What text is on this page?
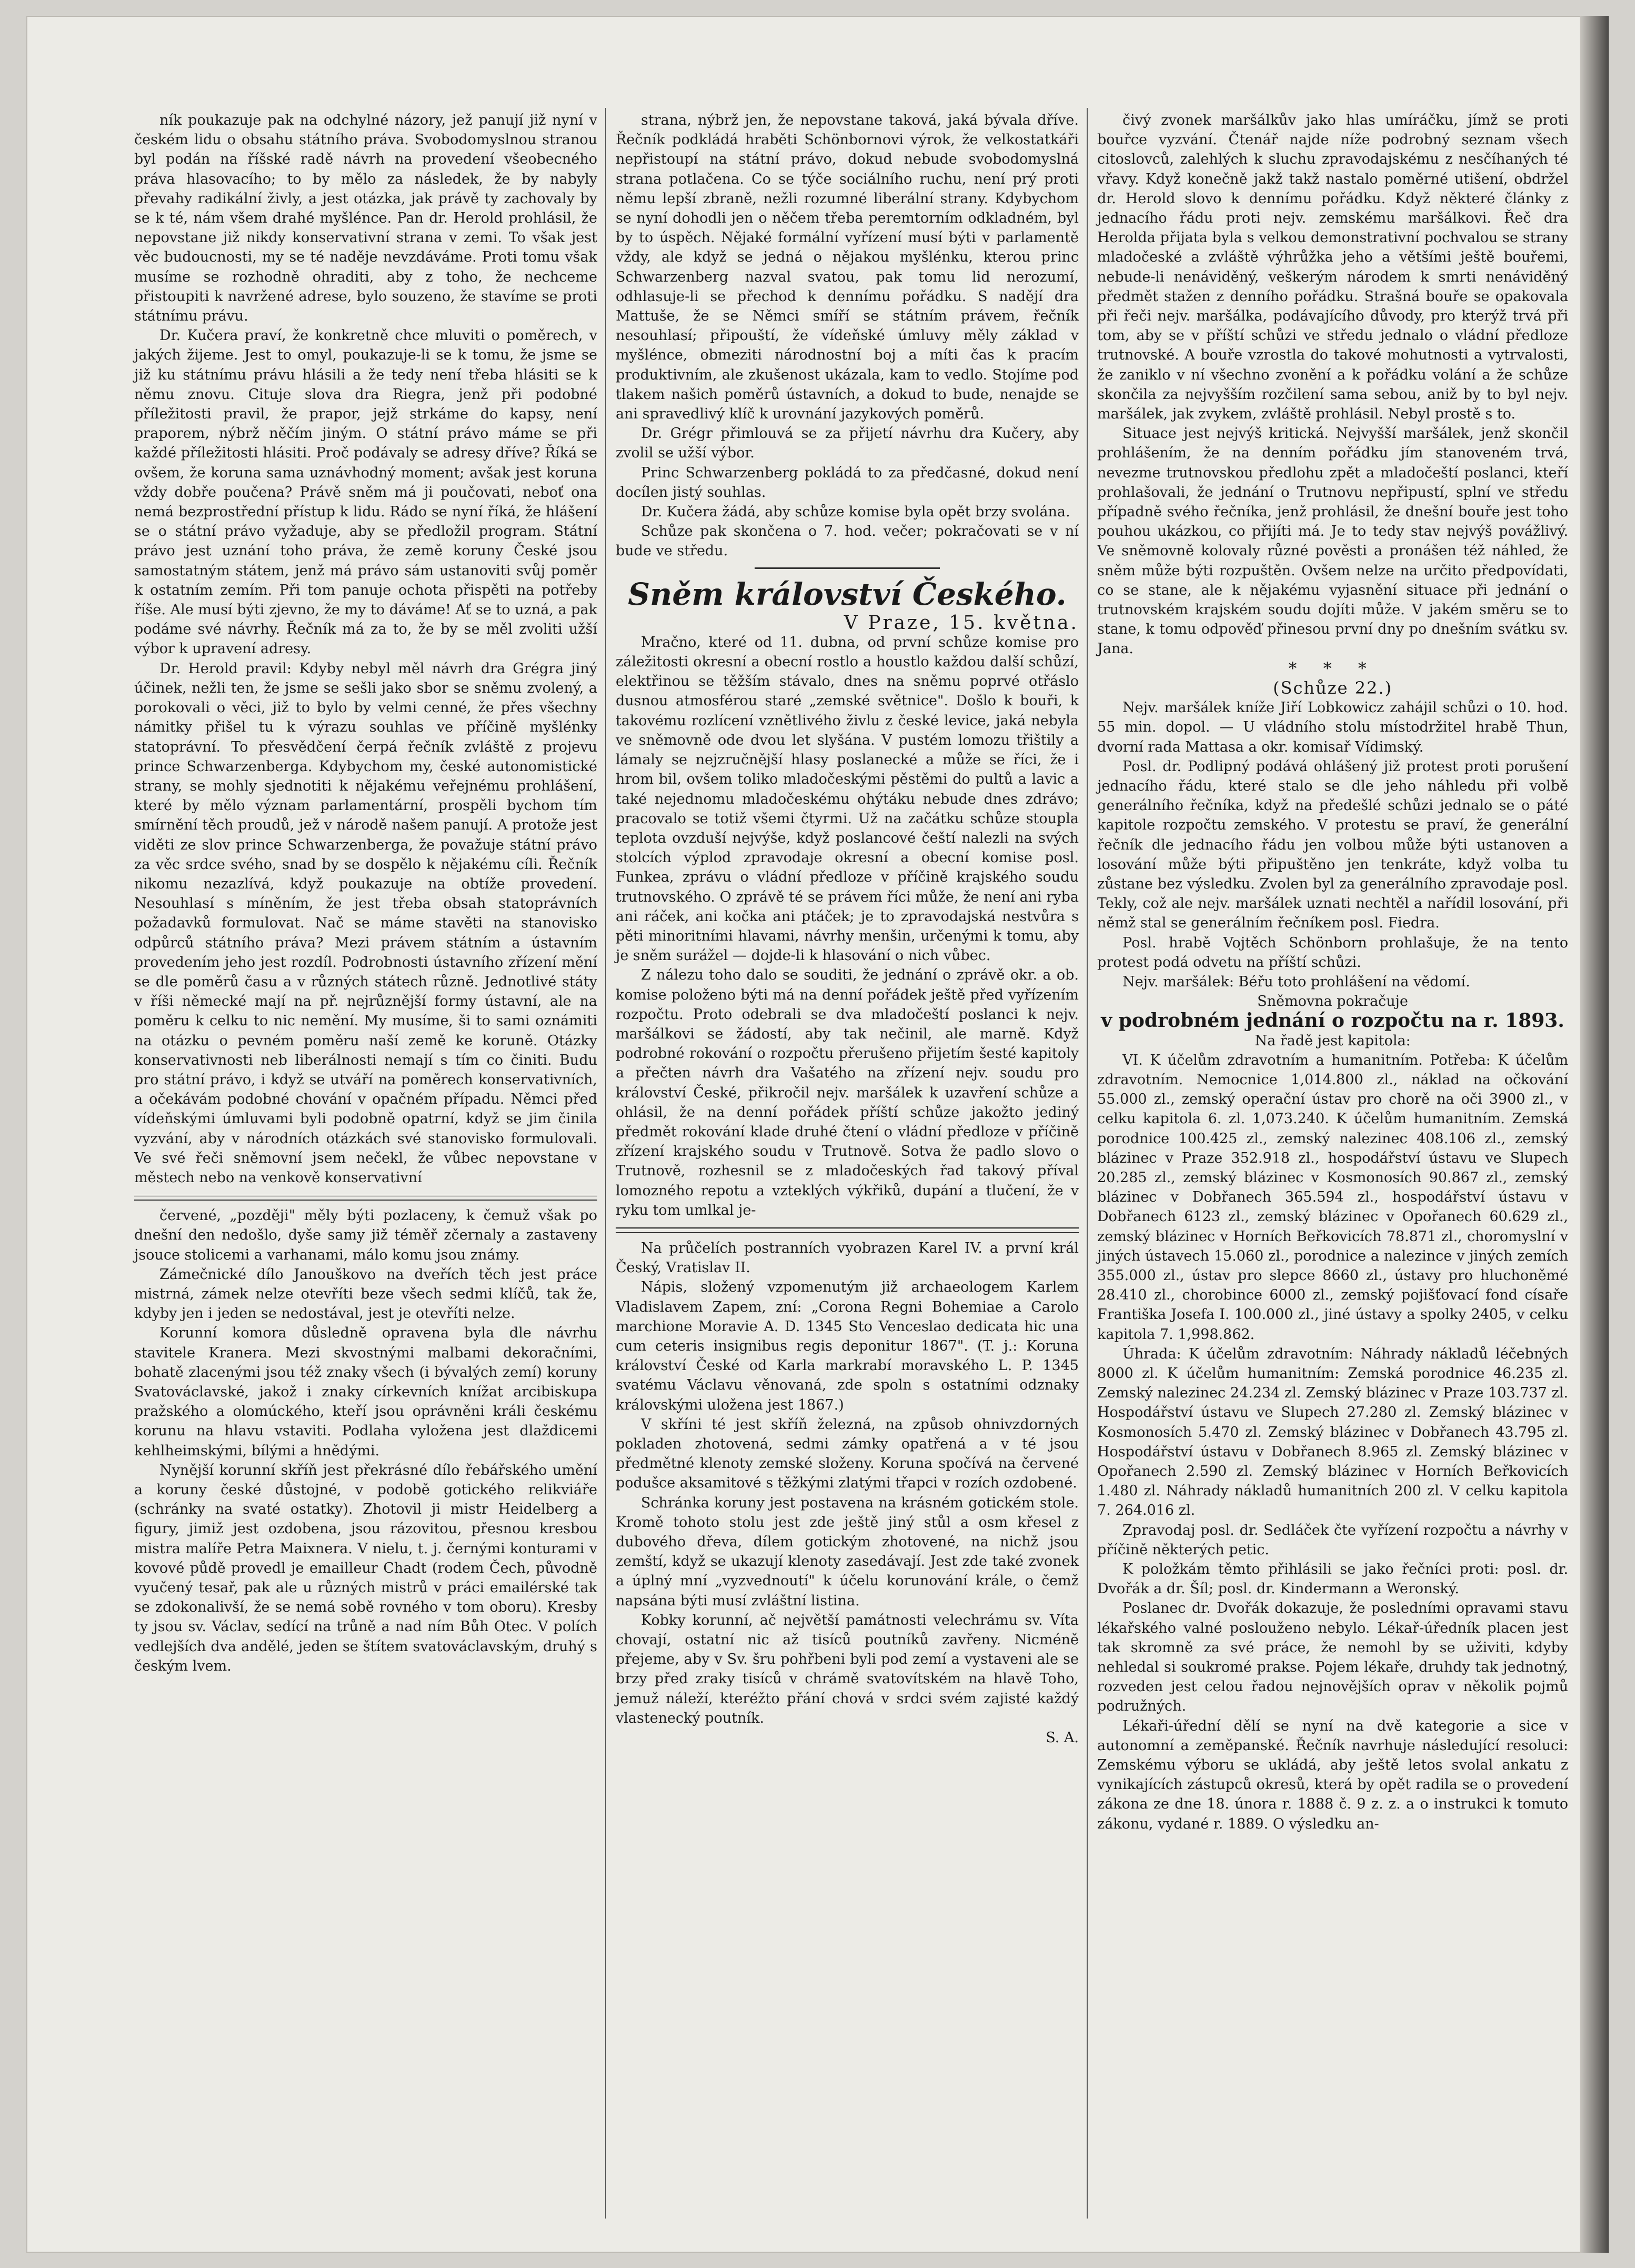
ník poukazuje pak na odchylné názory, jež panují již nyní v českém lidu o obsahu státního práva. Svobodomyslnou stranou byl podán na říšské radě návrh na provedení všeobecného práva hlasovacího; to by mělo za následek, že by nabyly převahy radikální živly, a jest otázka, jak právě ty zachovaly by se k té, nám všem drahé myšlénce. Pan dr. Herold prohlásil, že nepovstane již nikdy konservativní strana v zemi. To však jest věc budoucnosti, my se té naděje nevzdáváme. Proti tomu však musíme se rozhodně ohraditi, aby z toho, že nechceme přistoupiti k navržené adrese, bylo souzeno, že stavíme se proti státnímu právu.

Dr. Kučera praví, že konkretně chce mluviti o poměrech, v jakých žijeme. Jest to omyl, poukazuje-li se k tomu, že jsme se již ku státnímu právu hlásili a že tedy není třeba hlásiti se k němu znovu. Cituje slova dra Riegra, jenž při podobné příležitosti pravil, že prapor, jejž strkáme do kapsy, není praporem, nýbrž něčím jiným. O státní právo máme se při každé příležitosti hlásiti. Proč podávaly se adresy dříve? Říká se ovšem, že koruna sama uznávhodný moment; avšak jest koruna vždy dobře poučena? Právě sněm má ji poučovati, neboť ona nemá bezprostřední přístup k lidu. Rádo se nyní říká, že hlášení se o státní právo vyžaduje, aby se předložil program. Státní právo jest uznání toho práva, že země koruny České jsou samostatným státem, jenž má právo sám ustanoviti svůj poměr k ostatním zemím. Při tom panuje ochota přispěti na potřeby říše. Ale musí býti zjevno, že my to dáváme! Ať se to uzná, a pak podáme své návrhy. Řečník má za to, že by se měl zvoliti užší výbor k upravení adresy.

Dr. Herold pravil: Kdyby nebyl měl návrh dra Grégra jiný účinek, nežli ten, že jsme se sešli jako sbor se sněmu zvolený, a porokovali o věci, již to bylo by velmi cenné, že přes všechny námitky přišel tu k výrazu souhlas ve příčině myšlénky statoprávní. To přesvědčení čerpá řečník zvláště z projevu prince Schwarzenberga. Kdybychom my, české autonomistické strany, se mohly sjednotiti k nějakému veřejnému prohlášení, které by mělo význam parlamentární, prospěli bychom tím smírnění těch proudů, jež v národě našem panují. A protože jest viděti ze slov prince Schwarzenberga, že považuje státní právo za věc srdce svého, snad by se dospělo k nějakému cíli. Řečník nikomu nezazlívá, když poukazuje na obtíže provedení. Nesouhlasí s míněním, že jest třeba obsah statoprávních požadavků formulovat. Nač se máme stavěti na stanovisko odpůrců státního práva? Mezi právem státním a ústavním provedením jeho jest rozdíl. Podrobnosti ústavního zřízení mění se dle poměrů času a v různých státech různě. Jednotlivé státy v říši německé mají na př. nejrůznější formy ústavní, ale na poměru k celku to nic nemění. My musíme, ši to sami oznámiti na otázku o pevném poměru naší země ke koruně. Otázky konservativnosti neb liberálnosti nemají s tím co činiti. Budu pro státní právo, i když se utváří na poměrech konservativních, a očekávám podobné chování v opačném případu. Němci před vídeňskými úmluvami byli podobně opatrní, když se jim činila vyzvání, aby v národních otázkách své stanovisko formulovali. Ve své řeči sněmovní jsem nečekl, že vůbec nepovstane v městech nebo na venkově konservativní

červené, „později" měly býti pozlaceny, k čemuž však po dnešní den nedošlo, dyše samy již téměř zčernaly a zastaveny jsouce stolicemi a varhanami, málo komu jsou známy.

Zámečnické dílo Janouškovo na dveřích těch jest práce mistrná, zámek nelze otevříti beze všech sedmi klíčů, tak že, kdyby jen i jeden se nedostával, jest je otevříti nelze.

Korunní komora důsledně opravena byla dle návrhu stavitele Kranera. Mezi skvostnými malbami dekoračními, bohatě zlacenými jsou též znaky všech (i bývalých zemí) koruny Svatováclavské, jakož i znaky církevních knížat arcibiskupa pražského a olomúckého, kteří jsou oprávněni králi českému korunu na hlavu vstaviti. Podlaha vyložena jest dlaždicemi kehlheimskými, bílými a hnědými.

Nynější korunní skříň jest překrásné dílo řebářského umění a koruny české důstojné, v podobě gotického relikviáře (schránky na svaté ostatky). Zhotovil ji mistr Heidelberg a figury, jimiž jest ozdobena, jsou rázovitou, přesnou kresbou mistra malíře Petra Maixnera. V nielu, t. j. černými konturami v kovové půdě provedl je emailleur Chadt (rodem Čech, původně vyučený tesař, pak ale u různých mistrů v práci emailérské tak se zdokonalivší, že se nemá sobě rovného v tom oboru). Kresby ty jsou sv. Václav, sedící na trůně a nad ním Bůh Otec. V polích vedlejších dva andělé, jeden se štítem svatováclavským, druhý s českým lvem.

strana, nýbrž jen, že nepovstane taková, jaká bývala dříve. Řečník podkládá hraběti Schönbornovi výrok, že velkostatkáři nepřistoupí na státní právo, dokud nebude svobodomyslná strana potlačena. Co se týče sociálního ruchu, není prý proti němu lepší zbraně, nežli rozumné liberální strany. Kdybychom se nyní dohodli jen o něčem třeba peremtorním odkladném, byl by to úspěch. Nějaké formální vyřízení musí býti v parlamentě vždy, ale když se jedná o nějakou myšlénku, kterou princ Schwarzenberg nazval svatou, pak tomu lid nerozumí, odhlasuje-li se přechod k dennímu pořádku. S nadějí dra Mattuše, že se Němci smíří se státním právem, řečník nesouhlasí; připouští, že vídeňské úmluvy měly základ v myšlénce, obmeziti národnostní boj a míti čas k pracím produktivním, ale zkušenost ukázala, kam to vedlo. Stojíme pod tlakem našich poměrů ústavních, a dokud to bude, nenajde se ani spravedlivý klíč k urovnání jazykových poměrů.

Dr. Grégr přimlouvá se za přijetí návrhu dra Kučery, aby zvolil se užší výbor.

Princ Schwarzenberg pokládá to za předčasné, dokud není docílen jistý souhlas.

Dr. Kučera žádá, aby schůze komise byla opět brzy svolána.

Schůze pak skončena o 7. hod. večer; pokračovati se v ní bude ve středu.

Sněm království Českého.

V Praze, 15. května.

Mračno, které od 11. dubna, od první schůze komise pro záležitosti okresní a obecní rostlo a houstlo každou další schůzí, elektřinou se těžším stávalo, dnes na sněmu poprvé otřáslo dusnou atmosférou staré „zemské světnice". Došlo k bouři, k takovému rozlícení vznětlivého živlu z české levice, jaká nebyla ve sněmovně ode dvou let slyšána. V pustém lomozu třištily a lámaly se nejzručnější hlasy poslanecké a může se říci, že i hrom bil, ovšem toliko mladočeskými pěstěmi do pultů a lavic a také nejednomu mladočeskému ohýtáku nebude dnes zdrávo; pracovalo se totiž všemi čtyrmi. Už na začátku schůze stoupla teplota ovzduší nejvýše, když poslancové čeští nalezli na svých stolcích výplod zpravodaje okresní a obecní komise posl. Funkea, zprávu o vládní předloze v příčině krajského soudu trutnovského. O zprávě té se právem říci může, že není ani ryba ani ráček, ani kočka ani ptáček; je to zpravodajská nestvůra s pěti minoritními hlavami, návrhy menšin, určenými k tomu, aby je sněm surážel — dojde-li k hlasování o nich vůbec.

Z nálezu toho dalo se souditi, že jednání o zprávě okr. a ob. komise položeno býti má na denní pořádek ještě před vyřízením rozpočtu. Proto odebrali se dva mladočeští poslanci k nejv. maršálkovi se žádostí, aby tak nečinil, ale marně. Když podrobné rokování o rozpočtu přerušeno přijetím šesté kapitoly a přečten návrh dra Vašatého na zřízení nejv. soudu pro království České, přikročil nejv. maršálek k uzavření schůze a ohlásil, že na denní pořádek příští schůze jakožto jediný předmět rokování klade druhé čtení o vládní předloze v příčině zřízení krajského soudu v Trutnově. Sotva že padlo slovo o Trutnově, rozhesnil se z mladočeských řad takový příval lomozného repotu a vzteklých výkřiků, dupání a tlučení, že v ryku tom umlkal je-

Na průčelích postranních vyobrazen Karel IV. a první král Český, Vratislav II.

Nápis, složený vzpomenutým již archaeologem Karlem Vladislavem Zapem, zní: „Corona Regni Bohemiae a Carolo marchione Moravie A. D. 1345 Sto Venceslao dedicata hic una cum ceteris insignibus regis deponitur 1867". (T. j.: Koruna království České od Karla markrabí moravského L. P. 1345 svatému Václavu věnovaná, zde spoln s ostatními odznaky královskými uložena jest 1867.)

V skříni té jest skříň železná, na způsob ohnivzdorných pokladen zhotovená, sedmi zámky opatřená a v té jsou předmětné klenoty zemské složeny. Koruna spočívá na červené podušce aksamitové s těžkými zlatými třapci v rozích ozdobené.

Schránka koruny jest postavena na krásném gotickém stole. Kromě tohoto stolu jest zde ještě jiný stůl a osm křesel z dubového dřeva, dílem gotickým zhotovené, na nichž jsou zemští, když se ukazují klenoty zasedávají. Jest zde také zvonek a úplný mní „vyzvednoutí" k účelu korunování krále, o čemž napsána býti musí zvláštní listina.

Kobky korunní, ač největší památnosti velechrámu sv. Víta chovají, ostatní nic až tisíců poutníků zavřeny. Nicméně přejeme, aby v Sv. šru pohřbeni byli pod zemí a vystaveni ale se brzy před zraky tisíců v chrámě svatovítském na hlavě Toho, jemuž náleží, kteréžto přání chová v srdci svém zajisté každý vlastenecký poutník.

S. A.

čivý zvonek maršálkův jako hlas umíráčku, jímž se proti bouřce vyzvání. Čtenář najde níže podrobný seznam všech citoslovců, zalehlých k sluchu zpravodajskému z nesčíhaných té vřavy. Když konečně jakž takž nastalo poměrné utišení, obdržel dr. Herold slovo k dennímu pořádku. Když některé články z jednacího řádu proti nejv. zemskému maršálkovi. Řeč dra Herolda přijata byla s velkou demonstrativní pochvalou se strany mladočeské a zvláště výhrůžka jeho a většími ještě bouřemi, nebude-li nenáviděný, veškerým národem k smrti nenáviděný předmět stažen z denního pořádku. Strašná bouře se opakovala při řeči nejv. maršálka, podávajícího důvody, pro kterýž trvá při tom, aby se v příští schůzi ve středu jednalo o vládní předloze trutnovské. A bouře vzrostla do takové mohutnosti a vytrvalosti, že zaniklo v ní všechno zvonění a k pořádku volání a že schůze skončila za nejvyšším rozčilení sama sebou, aniž by to byl nejv. maršálek, jak zvykem, zvláště prohlásil. Nebyl prostě s to.

Situace jest nejvýš kritická. Nejvyšší maršálek, jenž skončil prohlášením, že na denním pořádku jím stanoveném trvá, nevezme trutnovskou předlohu zpět a mladočeští poslanci, kteří prohlašovali, že jednání o Trutnovu nepřipustí, splní ve středu případně svého řečníka, jenž prohlásil, že dnešní bouře jest toho pouhou ukázkou, co přijíti má. Je to tedy stav nejvýš povážlivý. Ve sněmovně kolovaly různé pověsti a pronášen též náhled, že sněm může býti rozpuštěn. Ovšem nelze na určito předpovídati, co se stane, ale k nějakému vyjasnění situace při jednání o trutnovském krajském soudu dojíti může. V jakém směru se to stane, k tomu odpověď přinesou první dny po dnešním svátku sv. Jana.

* * *

(Schůze 22.)

Nejv. maršálek kníže Jiří Lobkowicz zahájil schůzi o 10. hod. 55 min. dopol. — U vládního stolu místodržitel hrabě Thun, dvorní rada Mattasa a okr. komisař Vídimský.

Posl. dr. Podlipný podává ohlášený již protest proti porušení jednacího řádu, které stalo se dle jeho náhledu při volbě generálního řečníka, když na předešlé schůzi jednalo se o páté kapitole rozpočtu zemského. V protestu se praví, že generální řečník dle jednacího řádu jen volbou může býti ustanoven a losování může býti připuštěno jen tenkráte, když volba tu zůstane bez výsledku. Zvolen byl za generálního zpravodaje posl. Tekly, což ale nejv. maršálek uznati nechtěl a nařídil losování, při němž stal se generálním řečníkem posl. Fiedra.

Posl. hrabě Vojtěch Schönborn prohlašuje, že na tento protest podá odvetu na příští schůzi.

Nejv. maršálek: Béřu toto prohlášení na vědomí.

Sněmovna pokračuje

v podrobném jednání o rozpočtu na r. 1893.

Na řadě jest kapitola:

VI. K účelům zdravotním a humanitním. Potřeba: K účelům zdravotním. Nemocnice 1,014.800 zl., náklad na očkování 55.000 zl., zemský operační ústav pro chorě na oči 3900 zl., v celku kapitola 6. zl. 1,073.240. K účelům humanitním. Zemská porodnice 100.425 zl., zemský nalezinec 408.106 zl., zemský blázinec v Praze 352.918 zl., hospodářství ústavu ve Slupech 20.285 zl., zemský blázinec v Kosmonosích 90.867 zl., zemský blázinec v Dobřanech 365.594 zl., hospodářství ústavu v Dobřanech 6123 zl., zemský blázinec v Opořanech 60.629 zl., zemský blázinec v Horních Beřkovicích 78.871 zl., choromyslní v jiných ústavech 15.060 zl., porodnice a nalezince v jiných zemích 355.000 zl., ústav pro slepce 8660 zl., ústavy pro hluchoněmé 28.410 zl., chorobince 6000 zl., zemský pojišťovací fond císaře Františka Josefa I. 100.000 zl., jiné ústavy a spolky 2405, v celku kapitola 7. 1,998.862.

Úhrada: K účelům zdravotním: Náhrady nákladů léčebných 8000 zl. K účelům humanitním: Zemská porodnice 46.235 zl. Zemský nalezinec 24.234 zl. Zemský blázinec v Praze 103.737 zl. Hospodářství ústavu ve Slupech 27.280 zl. Zemský blázinec v Kosmonosích 5.470 zl. Zemský blázinec v Dobřanech 43.795 zl. Hospodářství ústavu v Dobřanech 8.965 zl. Zemský blázinec v Opořanech 2.590 zl. Zemský blázinec v Horních Beřkovicích 1.480 zl. Náhrady nákladů humanitních 200 zl. V celku kapitola 7. 264.016 zl.

Zpravodaj posl. dr. Sedláček čte vyřízení rozpočtu a návrhy v příčině některých petic.

K položkám těmto přihlásili se jako řečníci proti: posl. dr. Dvořák a dr. Šíl; posl. dr. Kindermann a Weronský.

Poslanec dr. Dvořák dokazuje, že posledními opravami stavu lékařského valné poslouženo nebylo. Lékař-úředník placen jest tak skromně za své práce, že nemohl by se uživiti, kdyby nehledal si soukromé prakse. Pojem lékaře, druhdy tak jednotný, rozveden jest celou řadou nejnovějších oprav v několik pojmů podružných.

Lékaři-úřední dělí se nyní na dvě kategorie a sice v autonomní a zeměpanské. Řečník navrhuje následující resoluci: Zemskému výboru se ukládá, aby ještě letos svolal ankatu z vynikajících zástupců okresů, která by opět radila se o provedení zákona ze dne 18. února r. 1888 č. 9 z. z. a o instrukci k tomuto zákonu, vydané r. 1889. O výsledku an-
